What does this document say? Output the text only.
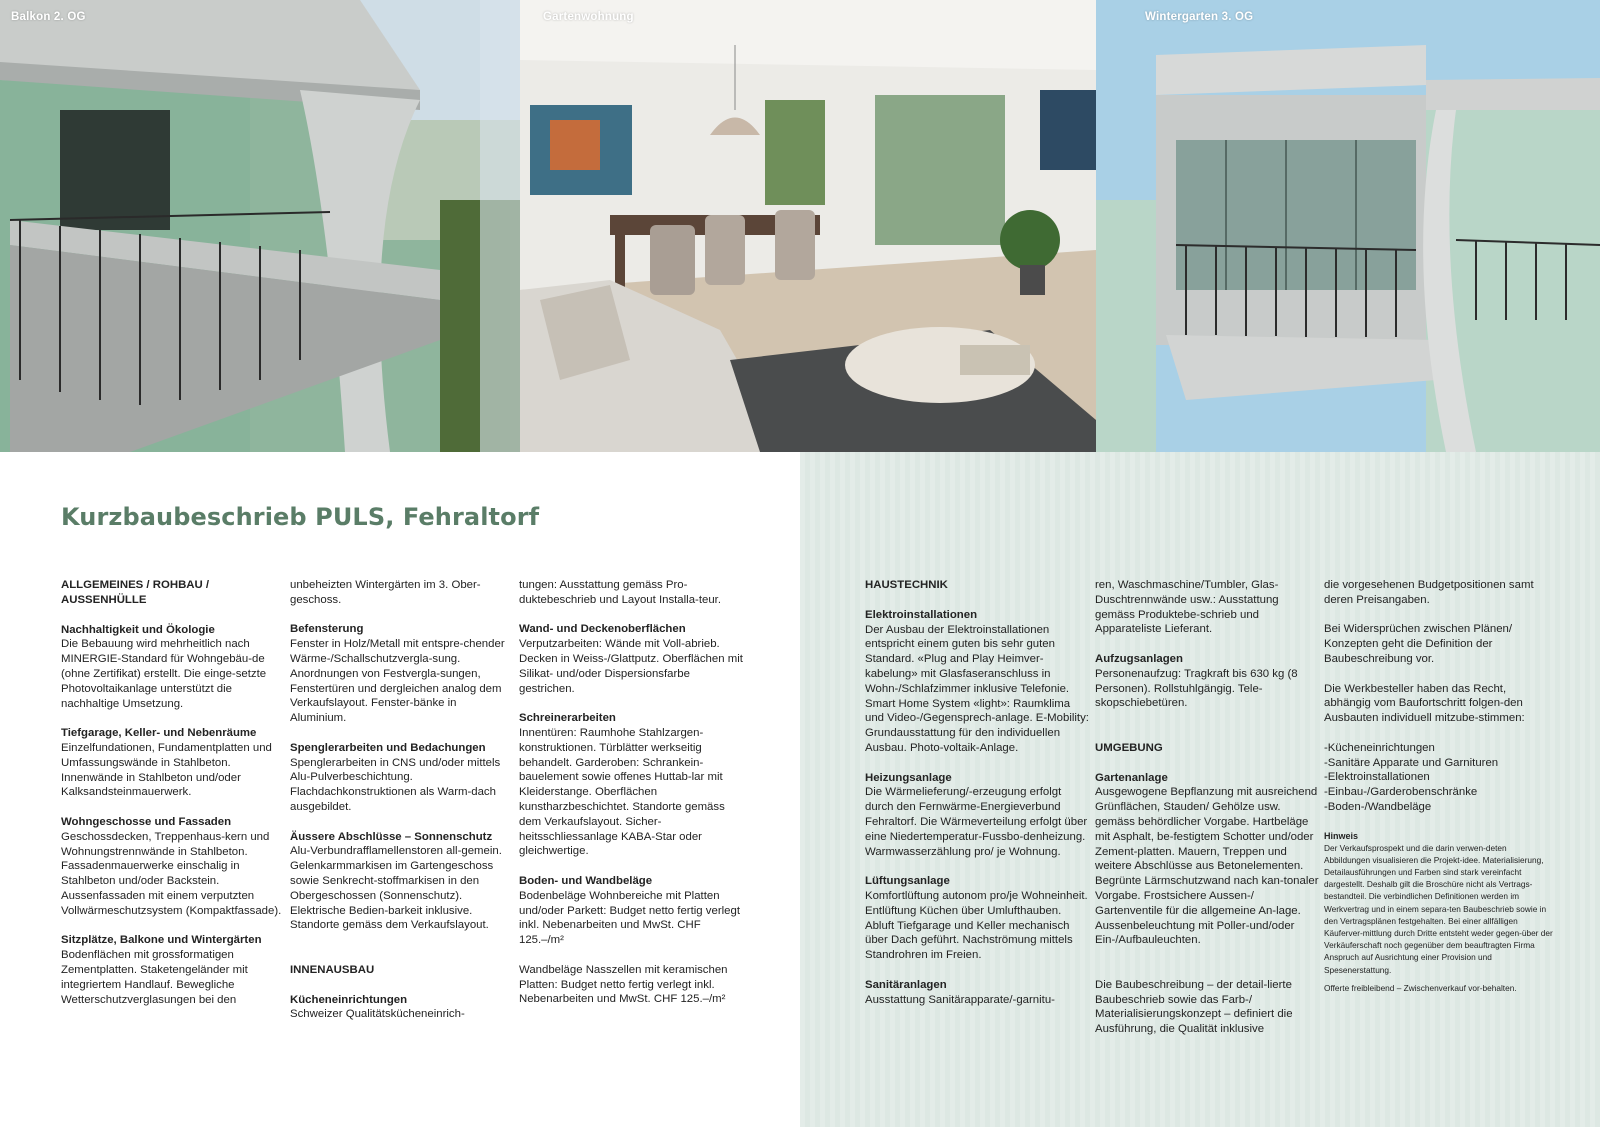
Balkon 2. OG	Gartenwohnung	Wintergarten 3. OG
Kurzbaubeschrieb PULS, Fehraltorf
ALLGEMEINES / ROHBAU / AUSSENHÜLLE
Nachhaltigkeit und Ökologie
Die Bebauung wird mehrheitlich nach MINERGIE-Standard für Wohngebäu-de (ohne Zertifikat) erstellt. Die einge-setzte Photovoltaikanlage unterstützt die nachhaltige Umsetzung.
Tiefgarage, Keller- und Nebenräume
Einzelfundationen, Fundamentplatten und Umfassungswände in Stahlbeton. Innenwände in Stahlbeton und/oder Kalksandsteinmauerwerk.
Wohngeschosse und Fassaden
Geschossdecken, Treppenhaus-kern und Wohnungstrennwände in Stahlbeton. Fassadenmauerwerke einschalig in Stahlbeton und/oder Backstein. Aussenfassaden mit einem verputzten Vollwärmeschutzsystem (Kompaktfassade).
Sitzplätze, Balkone und Wintergärten
Bodenflächen mit grossformatigen Zementplatten. Staketengeländer mit integriertem Handlauf. Bewegliche Wetterschutzverglasungen bei den
unbeheizten Wintergärten im 3. Ober-geschoss.
Befensterung
Fenster in Holz/Metall mit entspre-chender Wärme-/Schallschutzvergla-sung. Anordnungen von Festvergla-sungen, Fenstertüren und dergleichen analog dem Verkaufslayout. Fenster-bänke in Aluminium.
Spenglerarbeiten und Bedachungen
Spenglerarbeiten in CNS und/oder mittels Alu-Pulverbeschichtung. Flachdachkonstruktionen als Warm-dach ausgebildet.
Äussere Abschlüsse – Sonnenschutz
Alu-Verbundrafflamellenstoren all-gemein. Gelenkarmmarkisen im Gartengeschoss sowie Senkrecht-stoffmarkisen in den Obergeschossen (Sonnenschutz). Elektrische Bedien-barkeit inklusive. Standorte gemäss dem Verkaufslayout.
INNENAUSBAU
Kücheneinrichtungen
Schweizer Qualitätskücheneinrich-
tungen: Ausstattung gemäss Pro-duktebeschrieb und Layout Installa-teur.
Wand- und Deckenoberflächen
Verputzarbeiten: Wände mit Voll-abrieb. Decken in Weiss-/Glattputz. Oberflächen mit Silikat- und/oder Dispersionsfarbe gestrichen.
Schreinerarbeiten
Innentüren: Raumhohe Stahlzargen-konstruktionen. Türblätter werkseitig behandelt. Garderoben: Schrankein-bauelement sowie offenes Huttab-lar mit Kleiderstange. Oberflächen kunstharzbeschichtet. Standorte gemäss dem Verkaufslayout. Sicher-heitsschliessanlage KABA-Star oder gleichwertige.
Boden- und Wandbeläge
Bodenbeläge Wohnbereiche mit Platten und/oder Parkett: Budget netto fertig verlegt inkl. Nebenarbeiten und MwSt. CHF 125.–/m²
Wandbeläge Nasszellen mit keramischen Platten: Budget netto fertig verlegt inkl. Nebenarbeiten und MwSt. CHF 125.–/m²
HAUSTECHNIK
Elektroinstallationen
Der Ausbau der Elektroinstallationen entspricht einem guten bis sehr guten Standard. «Plug and Play Heimver-kabelung» mit Glasfaseranschluss in Wohn-/Schlafzimmer inklusive Telefonie. Smart Home System «light»: Raumklima und Video-/Gegensprech-anlage. E-Mobility: Grundausstattung für den individuellen Ausbau. Photo-voltaik-Anlage.
Heizungsanlage
Die Wärmelieferung/-erzeugung erfolgt durch den Fernwärme-Energieverbund Fehraltorf. Die Wärmeverteilung erfolgt über eine Niedertemperatur-Fussbo-denheizung. Warmwasserzählung pro/ je Wohnung.
Lüftungsanlage
Komfortlüftung autonom pro/je Wohneinheit. Entlüftung Küchen über Umlufthauben. Abluft Tiefgarage und Keller mechanisch über Dach geführt. Nachströmung mittels Standrohren im Freien.
Sanitäranlagen
Ausstattung Sanitärapparate/-garnitu-
ren, Waschmaschine/Tumbler, Glas-Duschtrennwände usw.: Ausstattung gemäss Produktebe-schrieb und Apparateliste Lieferant.
Aufzugsanlagen
Personenaufzug: Tragkraft bis 630 kg (8 Personen). Rollstuhlgängig. Tele-skopschiebetüren.
UMGEBUNG
Gartenanlage
Ausgewogene Bepflanzung mit ausreichend Grünflächen, Stauden/ Gehölze usw. gemäss behördlicher Vorgabe. Hartbeläge mit Asphalt, be-festigtem Schotter und/oder Zement-platten. Mauern, Treppen und weitere Abschlüsse aus Betonelementen. Begrünte Lärmschutzwand nach kan-tonaler Vorgabe. Frostsichere Aussen-/ Gartenventile für die allgemeine An-lage. Aussenbeleuchtung mit Poller-und/oder Ein-/Aufbauleuchten.
Die Baubeschreibung – der detail-lierte Baubeschrieb sowie das Farb-/ Materialisierungskonzept – definiert die Ausführung, die Qualität inklusive
die vorgesehenen Budgetpositionen samt deren Preisangaben.
Bei Widersprüchen zwischen Plänen/ Konzepten geht die Definition der Baubeschreibung vor.
Die Werkbesteller haben das Recht, abhängig vom Baufortschritt folgen-den Ausbauten individuell mitzube-stimmen:
-Kücheneinrichtungen
-Sanitäre Apparate und Garnituren
-Elektroinstallationen
-Einbau-/Garderobenschränke
-Boden-/Wandbeläge
Hinweis
Der Verkaufsprospekt und die darin verwen-deten Abbildungen visualisieren die Projekt-idee. Materialisierung, Detailausführungen und Farben sind stark vereinfacht dargestellt. Deshalb gilt die Broschüre nicht als Vertrags-bestandteil. Die verbindlichen Definitionen werden im Werkvertrag und in einem separa-ten Baubeschrieb sowie in den Vertragsplänen festgehalten. Bei einer allfälligen Käuferver-mittlung durch Dritte entsteht weder gegen-über der Verkäuferschaft noch gegenüber dem beauftragten Firma Anspruch auf Ausrichtung einer Provision und Spesenerstattung.
Offerte freibleibend – Zwischenverkauf vor-behalten.
